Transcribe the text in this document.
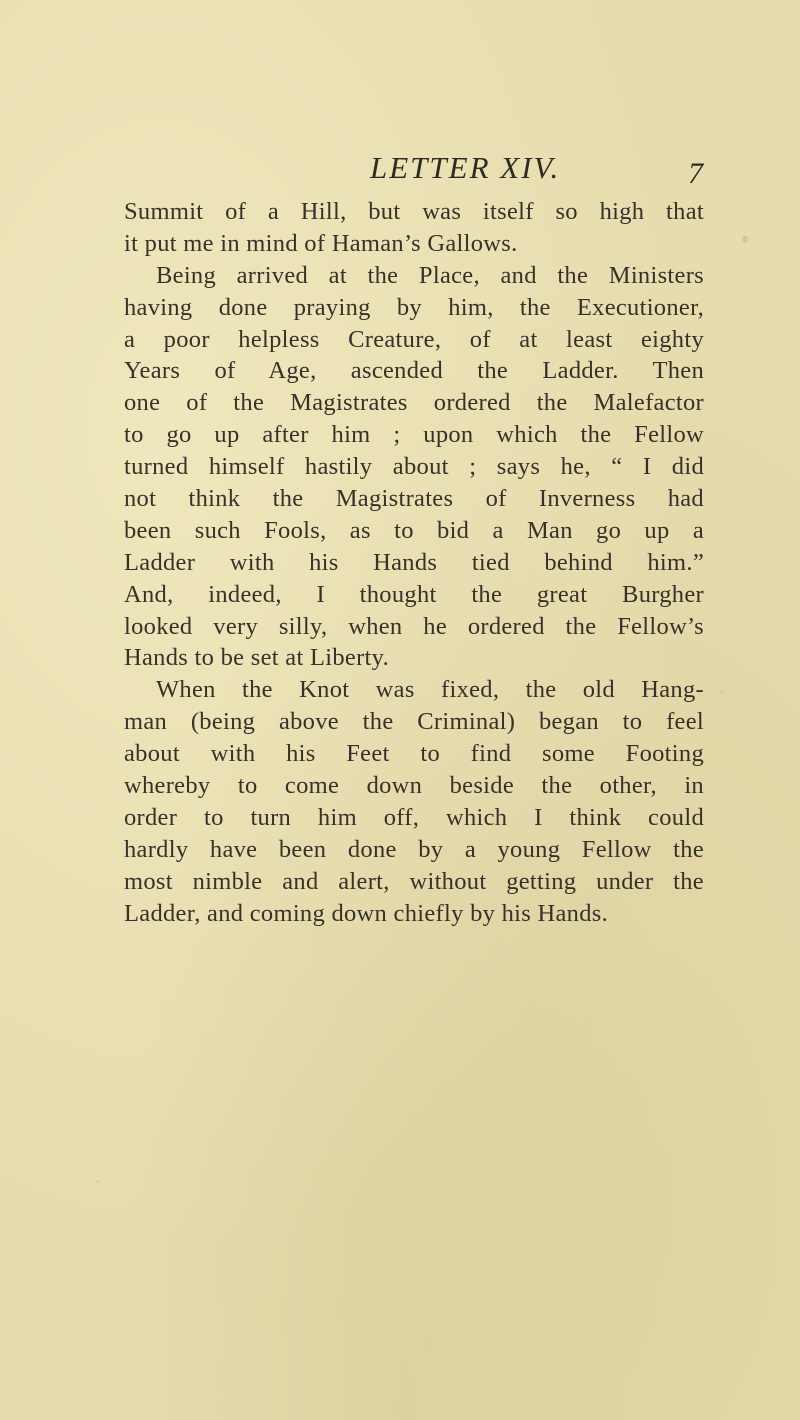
LETTER XIV.	7
Summit of a Hill, but was itself so high that
it put me in mind of Haman’s Gallows.
Being arrived at the Place, and the Ministers
having done praying by him, the Executioner,
a poor helpless Creature, of at least eighty
Years of Age, ascended the Ladder. Then
one of the Magistrates ordered the Malefactor
to go up after him ; upon which the Fellow
turned himself hastily about ; says he, “ I did
not think the Magistrates of Inverness had
been such Fools, as to bid a Man go up a
Ladder with his Hands tied behind him.”
And, indeed, I thought the great Burgher
looked very silly, when he ordered the Fellow’s
Hands to be set at Liberty.
When the Knot was fixed, the old Hang-
man (being above the Criminal) began to feel
about with his Feet to find some Footing
whereby to come down beside the other, in
order to turn him off, which I think could
hardly have been done by a young Fellow the
most nimble and alert, without getting under the
Ladder, and coming down chiefly by his Hands.
